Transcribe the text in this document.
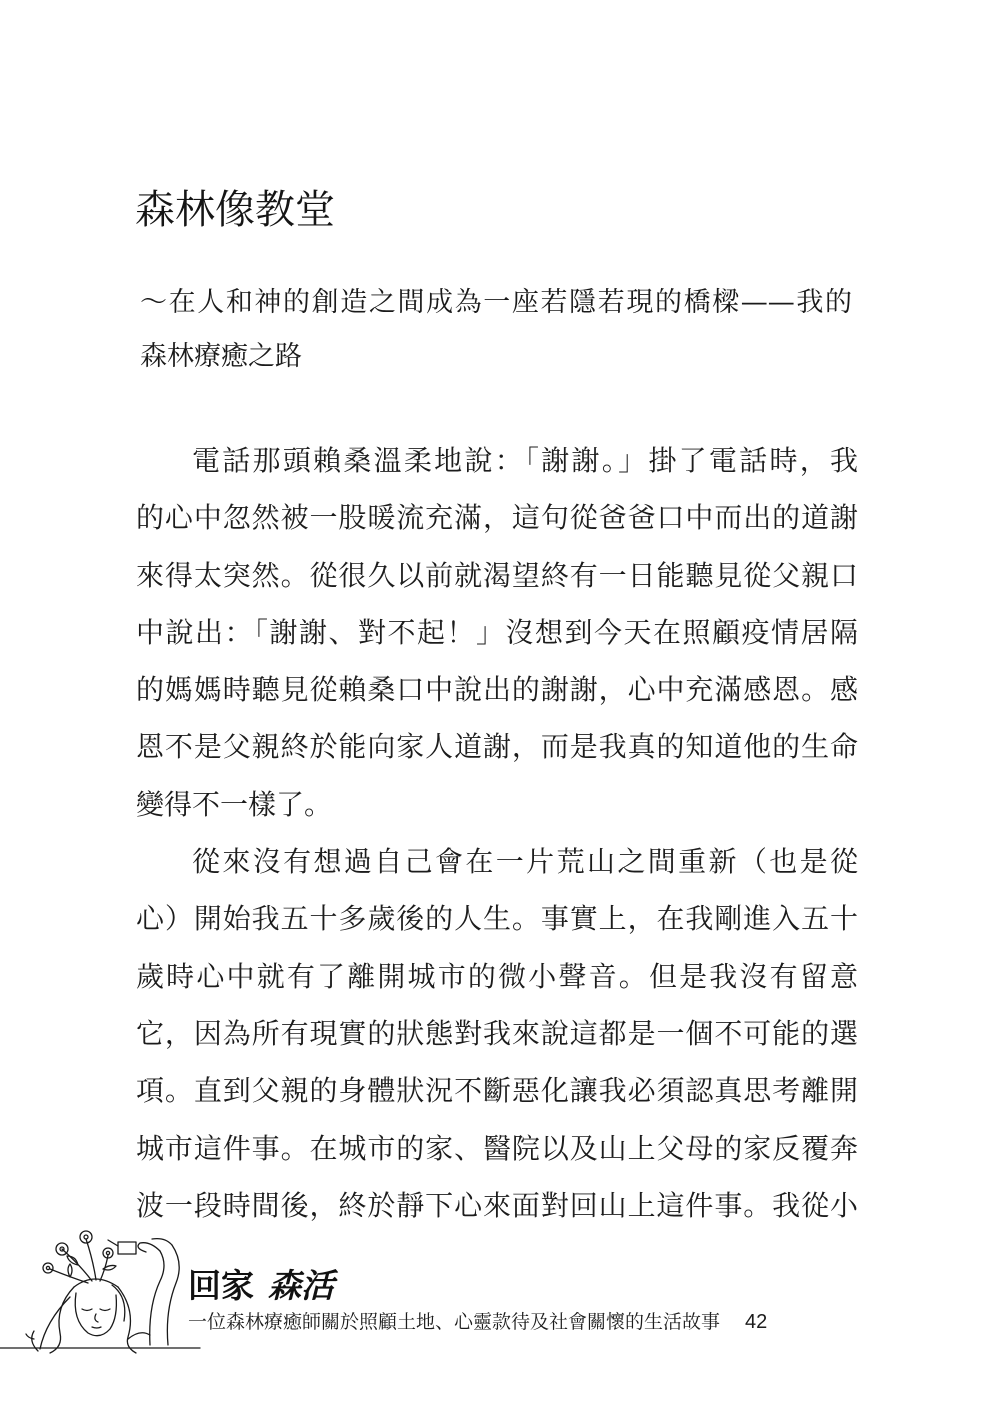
森林像教堂
～在人和神的創造之間成為一座若隱若現的橋樑——我的
森林療癒之路
電話那頭賴桑溫柔地說：「謝謝。」掛了電話時，我
的心中忽然被一股暖流充滿，這句從爸爸口中而出的道謝
來得太突然。從很久以前就渴望終有一日能聽見從父親口
中說出：「謝謝、對不起！」沒想到今天在照顧疫情居隔
的媽媽時聽見從賴桑口中說出的謝謝，心中充滿感恩。感
恩不是父親終於能向家人道謝，而是我真的知道他的生命
變得不一樣了。
從來沒有想過自己會在一片荒山之間重新（也是從
心）開始我五十多歲後的人生。事實上，在我剛進入五十
歲時心中就有了離開城市的微小聲音。但是我沒有留意
它，因為所有現實的狀態對我來說這都是一個不可能的選
項。直到父親的身體狀況不斷惡化讓我必須認真思考離開
城市這件事。在城市的家、醫院以及山上父母的家反覆奔
波一段時間後，終於靜下心來面對回山上這件事。我從小
回家 森活
一位森林療癒師關於照顧土地、心靈款待及社會關懷的生活故事 42
